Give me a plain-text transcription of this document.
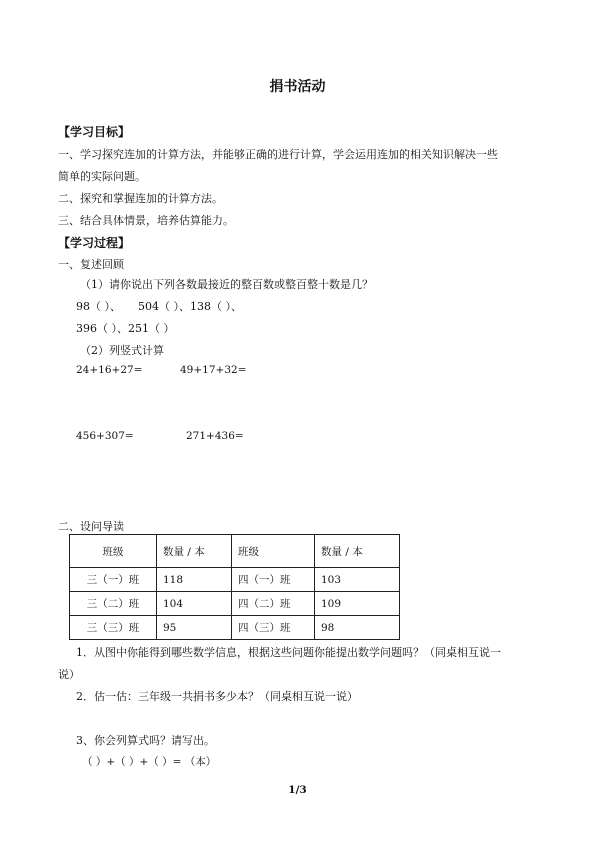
捐书活动
【学习目标】
一、学习探究连加的计算方法，并能够正确的进行计算，学会运用连加的相关知识解决一些
简单的实际问题。
二、探究和掌握连加的计算方法。
三、结合具体情景，培养估算能力。
【学习过程】
一、复述回顾
（1）请你说出下列各数最接近的整百数或整百整十数是几？
98（ ）、 504（ ）、138（ ）、
396（ ）、251（ ）
（2）列竖式计算
24+16+27=	49+17+32=
456+307=	271+436=
二、设问导读
班级	数量 / 本	班级	数量 / 本
三（一）班	118	四（一）班	103
三（二）班	104	四（二）班	109
三（三）班	95	四（三）班	98
1．从图中你能得到哪些数学信息，根据这些问题你能提出数学问题吗？（同桌相互说一
说）
2．估一估：三年级一共捐书多少本？（同桌相互说一说）
3、你会列算式吗？请写出。
（ ）+（ ）+（ ）= （本）
1/3
